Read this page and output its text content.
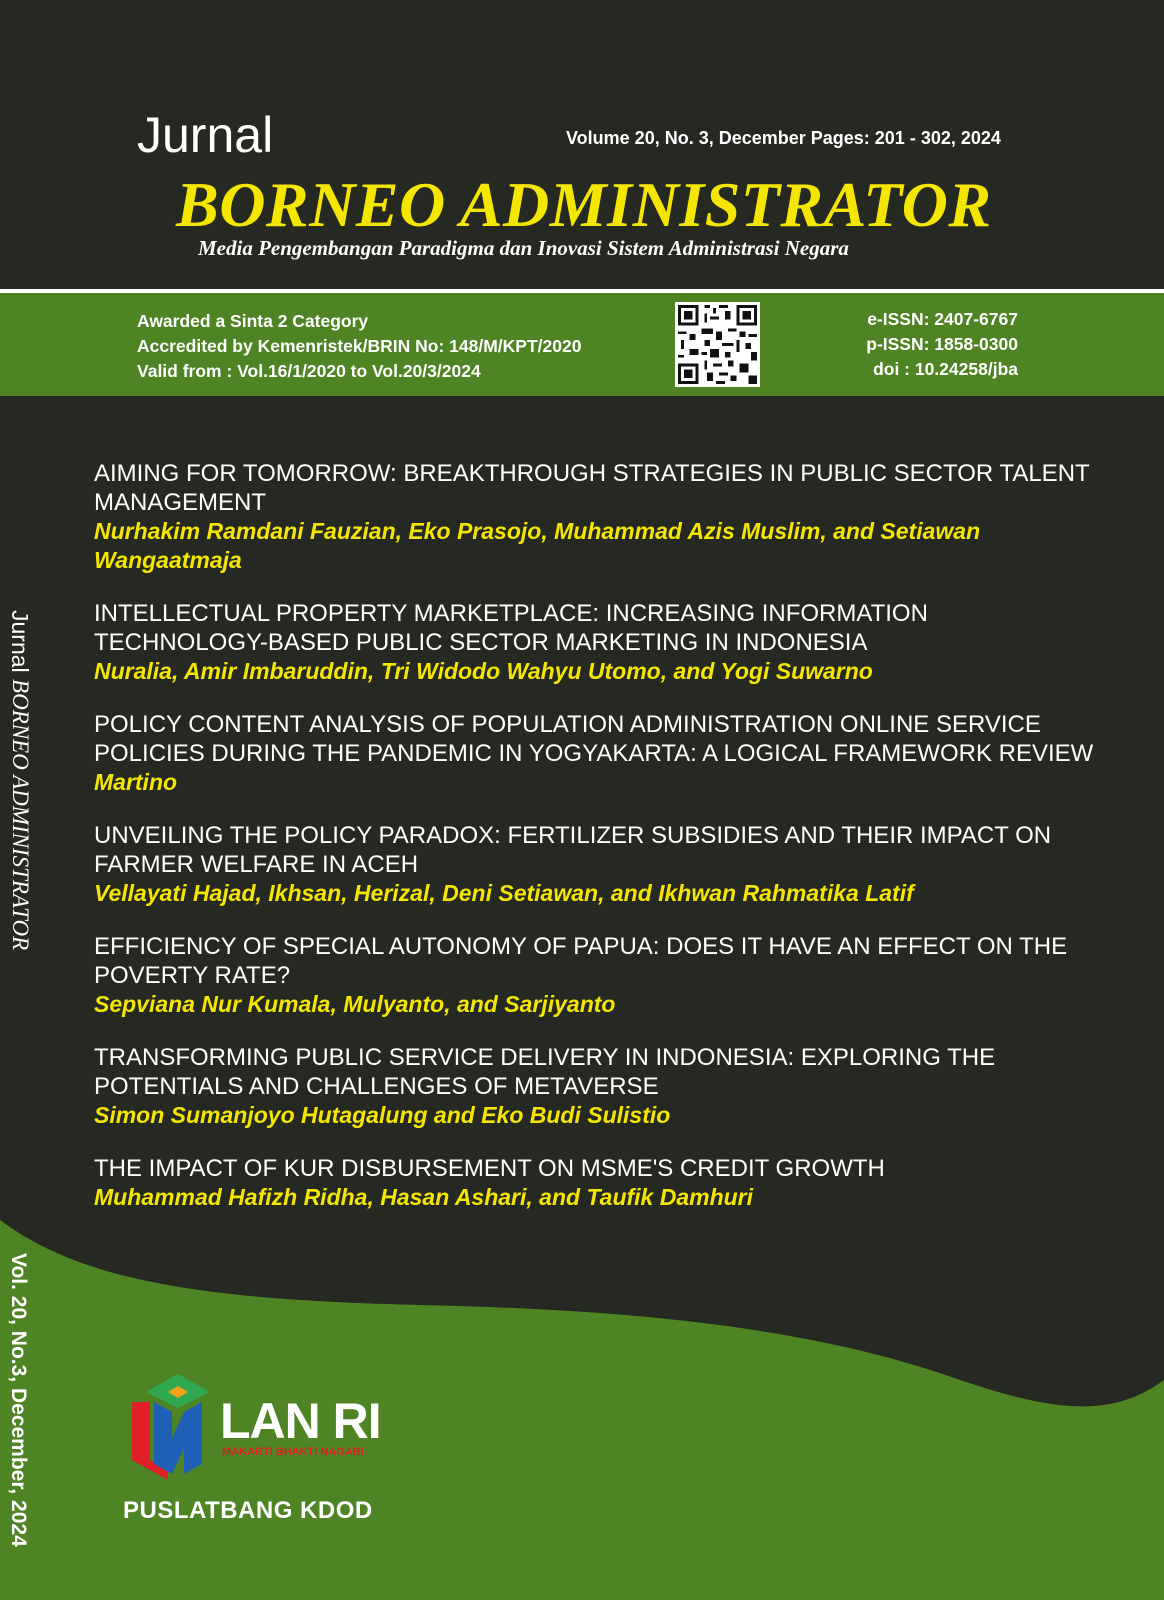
Jurnal	Volume 20, No. 3, December Pages: 201 - 302, 2024
BORNEO ADMINISTRATOR
Media Pengembangan Paradigma dan Inovasi Sistem Administrasi Negara
Awarded a Sinta 2 Category
Accredited by Kemenristek/BRIN No: 148/M/KPT/2020
Valid from : Vol.16/1/2020 to Vol.20/3/2024
e-ISSN: 2407-6767
p-ISSN: 1858-0300
doi : 10.24258/jba
AIMING FOR TOMORROW: BREAKTHROUGH STRATEGIES IN PUBLIC SECTOR TALENT MANAGEMENT
Nurhakim Ramdani Fauzian, Eko Prasojo, Muhammad Azis Muslim, and Setiawan Wangaatmaja
INTELLECTUAL PROPERTY MARKETPLACE: INCREASING INFORMATION TECHNOLOGY-BASED PUBLIC SECTOR MARKETING IN INDONESIA
Nuralia, Amir Imbaruddin, Tri Widodo Wahyu Utomo, and Yogi Suwarno
POLICY CONTENT ANALYSIS OF POPULATION ADMINISTRATION ONLINE SERVICE POLICIES DURING THE PANDEMIC IN YOGYAKARTA: A LOGICAL FRAMEWORK REVIEW
Martino
UNVEILING THE POLICY PARADOX: FERTILIZER SUBSIDIES AND THEIR IMPACT ON FARMER WELFARE IN ACEH
Vellayati Hajad, Ikhsan, Herizal, Deni Setiawan, and Ikhwan Rahmatika Latif
EFFICIENCY OF SPECIAL AUTONOMY OF PAPUA: DOES IT HAVE AN EFFECT ON THE POVERTY RATE?
Sepviana Nur Kumala, Mulyanto, and Sarjiyanto
TRANSFORMING PUBLIC SERVICE DELIVERY IN INDONESIA: EXPLORING THE POTENTIALS AND CHALLENGES OF METAVERSE
Simon Sumanjoyo Hutagalung and Eko Budi Sulistio
THE IMPACT OF KUR DISBURSEMENT ON MSME'S CREDIT GROWTH
Muhammad Hafizh Ridha, Hasan Ashari, and Taufik Damhuri
Jurnal BORNEO ADMINISTRATOR
Vol. 20, No.3, December, 2024	LAN RI
MAKARTI BHAKTI NAGARI
PUSLATBANG KDOD
